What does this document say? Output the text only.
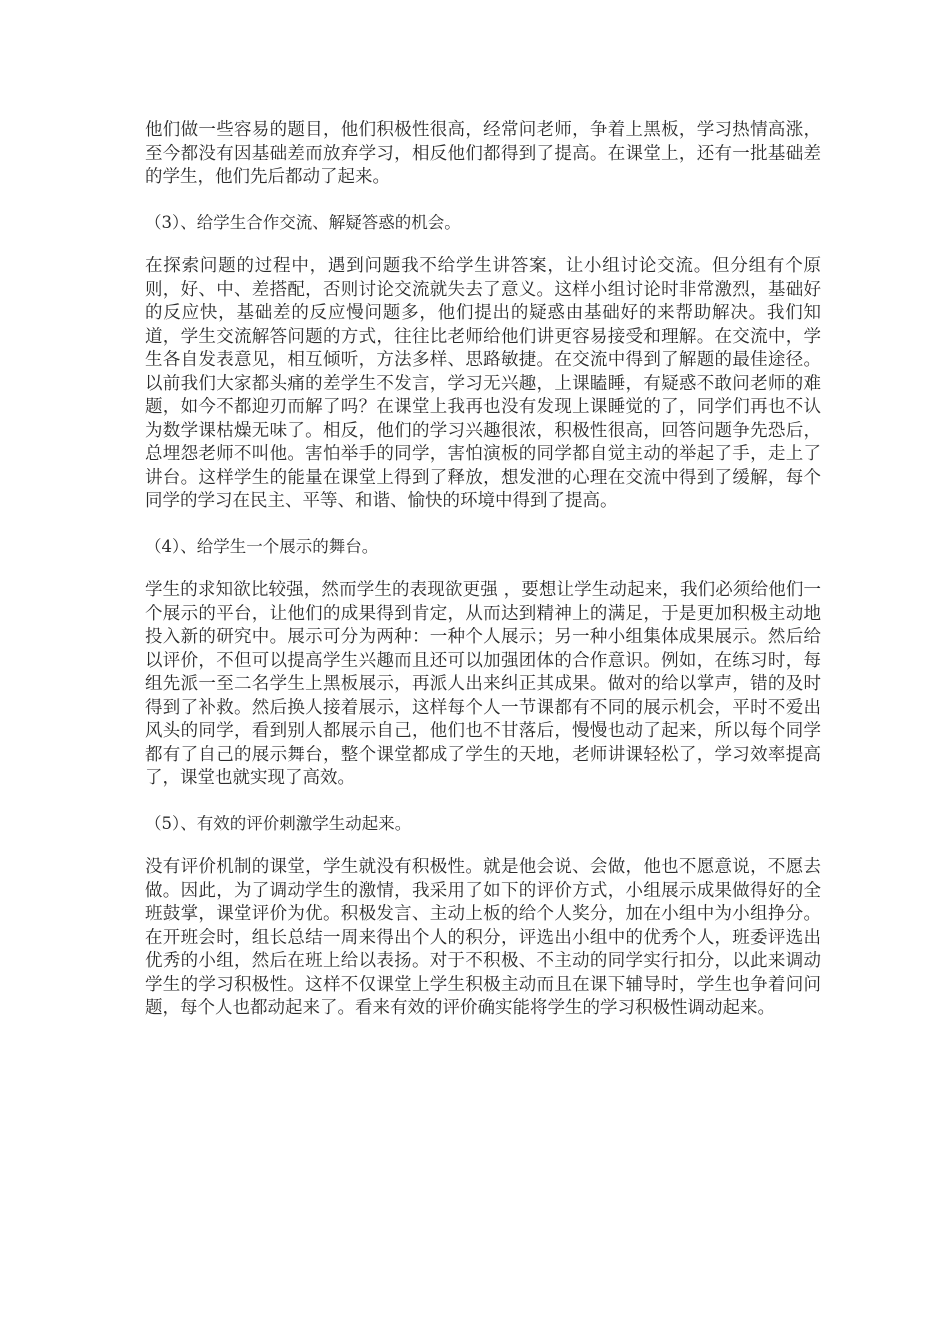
他们做一些容易的题目，他们积极性很高，经常问老师，争着上黑板，学习热情高涨，至今都没有因基础差而放弃学习，相反他们都得到了提高。在课堂上，还有一批基础差的学生，他们先后都动了起来。

（3）、给学生合作交流、解疑答惑的机会。

在探索问题的过程中，遇到问题我不给学生讲答案，让小组讨论交流。但分组有个原则，好、中、差搭配，否则讨论交流就失去了意义。这样小组讨论时非常激烈，基础好的反应快，基础差的反应慢问题多，他们提出的疑惑由基础好的来帮助解决。我们知道，学生交流解答问题的方式，往往比老师给他们讲更容易接受和理解。在交流中，学生各自发表意见，相互倾听，方法多样、思路敏捷。在交流中得到了解题的最佳途径。以前我们大家都头痛的差学生不发言，学习无兴趣，上课瞌睡，有疑惑不敢问老师的难题，如今不都迎刃而解了吗？在课堂上我再也没有发现上课睡觉的了，同学们再也不认为数学课枯燥无味了。相反，他们的学习兴趣很浓，积极性很高，回答问题争先恐后，总埋怨老师不叫他。害怕举手的同学，害怕演板的同学都自觉主动的举起了手，走上了讲台。这样学生的能量在课堂上得到了释放，想发泄的心理在交流中得到了缓解，每个同学的学习在民主、平等、和谐、愉快的环境中得到了提高。

（4）、给学生一个展示的舞台。

学生的求知欲比较强，然而学生的表现欲更强 ，要想让学生动起来，我们必须给他们一个展示的平台，让他们的成果得到肯定，从而达到精神上的满足，于是更加积极主动地投入新的研究中。展示可分为两种：一种个人展示；另一种小组集体成果展示。然后给以评价，不但可以提高学生兴趣而且还可以加强团体的合作意识。例如，在练习时，每组先派一至二名学生上黑板展示，再派人出来纠正其成果。做对的给以掌声，错的及时得到了补救。然后换人接着展示，这样每个人一节课都有不同的展示机会，平时不爱出风头的同学，看到别人都展示自己，他们也不甘落后，慢慢也动了起来，所以每个同学都有了自己的展示舞台，整个课堂都成了学生的天地，老师讲课轻松了，学习效率提高了，课堂也就实现了高效。

（5）、有效的评价刺激学生动起来。

没有评价机制的课堂，学生就没有积极性。就是他会说、会做，他也不愿意说，不愿去做。因此，为了调动学生的激情，我采用了如下的评价方式，小组展示成果做得好的全班鼓掌，课堂评价为优。积极发言、主动上板的给个人奖分，加在小组中为小组挣分。在开班会时，组长总结一周来得出个人的积分，评选出小组中的优秀个人，班委评选出优秀的小组，然后在班上给以表扬。对于不积极、不主动的同学实行扣分，以此来调动学生的学习积极性。这样不仅课堂上学生积极主动而且在课下辅导时，学生也争着问问题，每个人也都动起来了。看来有效的评价确实能将学生的学习积极性调动起来。
